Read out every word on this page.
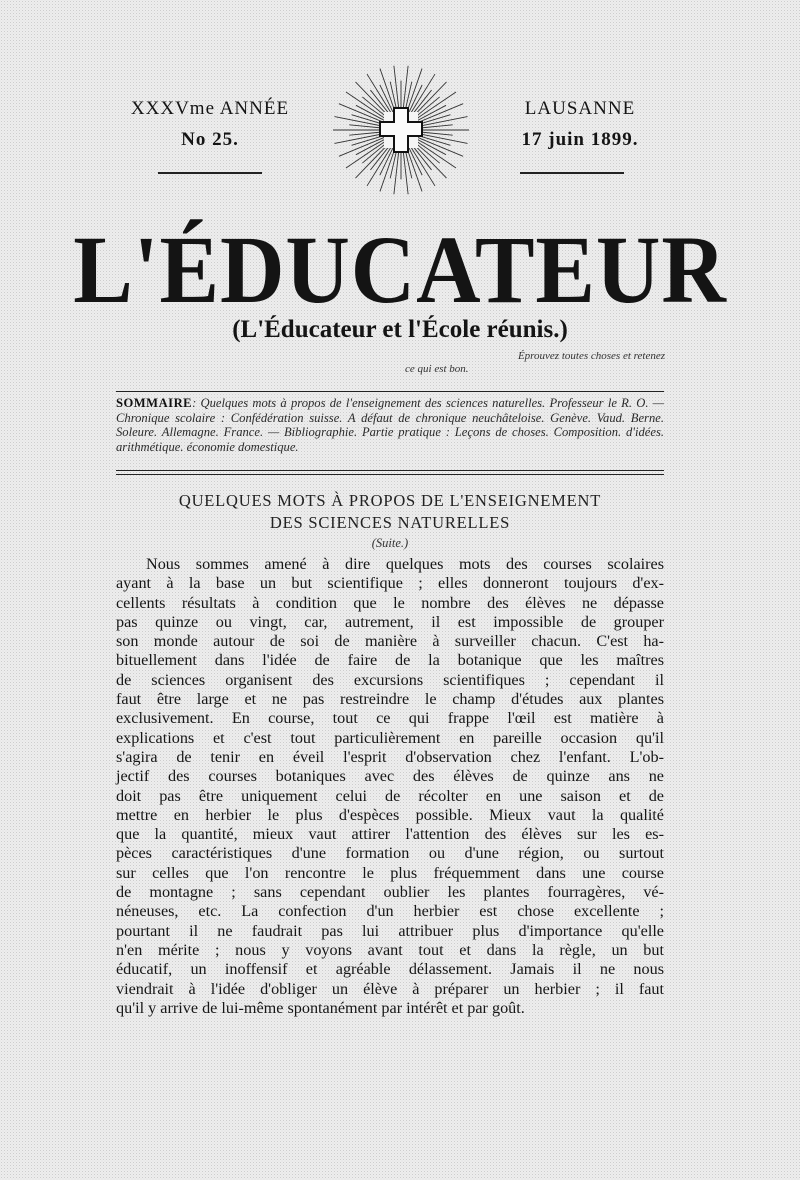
XXXVme ANNÉE
No 25.
LAUSANNE
17 juin 1899.
L'ÉDUCATEUR
(L'Éducateur et l'École réunis.)
Éprouvez toutes choses et retenez
ce qui est bon.
SOMMAIRE: Quelques mots à propos de l'enseignement des sciences naturelles. Professeur le R. O. — Chronique scolaire : Confédération suisse. A défaut de chronique neuchâteloise. Genève. Vaud. Berne. Soleure. Allemagne. France. — Bibliographie. Partie pratique : Leçons de choses. Composition. d'idées. arithmétique. économie domestique.
QUELQUES MOTS À PROPOS DE L'ENSEIGNEMENT
DES SCIENCES NATURELLES
(Suite.)
Nous sommes amené à dire quelques mots des courses scolaires
ayant à la base un but scientifique ; elles donneront toujours d'ex-
cellents résultats à condition que le nombre des élèves ne dépasse
pas quinze ou vingt, car, autrement, il est impossible de grouper
son monde autour de soi de manière à surveiller chacun. C'est ha-
bituellement dans l'idée de faire de la botanique que les maîtres
de sciences organisent des excursions scientifiques ; cependant il
faut être large et ne pas restreindre le champ d'études aux plantes
exclusivement. En course, tout ce qui frappe l'œil est matière à
explications et c'est tout particulièrement en pareille occasion qu'il
s'agira de tenir en éveil l'esprit d'observation chez l'enfant. L'ob-
jectif des courses botaniques avec des élèves de quinze ans ne
doit pas être uniquement celui de récolter en une saison et de
mettre en herbier le plus d'espèces possible. Mieux vaut la qualité
que la quantité, mieux vaut attirer l'attention des élèves sur les es-
pèces caractéristiques d'une formation ou d'une région, ou surtout
sur celles que l'on rencontre le plus fréquemment dans une course
de montagne ; sans cependant oublier les plantes fourragères, vé-
néneuses, etc. La confection d'un herbier est chose excellente ;
pourtant il ne faudrait pas lui attribuer plus d'importance qu'elle
n'en mérite ; nous y voyons avant tout et dans la règle, un but
éducatif, un inoffensif et agréable délassement. Jamais il ne nous
viendrait à l'idée d'obliger un élève à préparer un herbier ; il faut
qu'il y arrive de lui-même spontanément par intérêt et par goût.
